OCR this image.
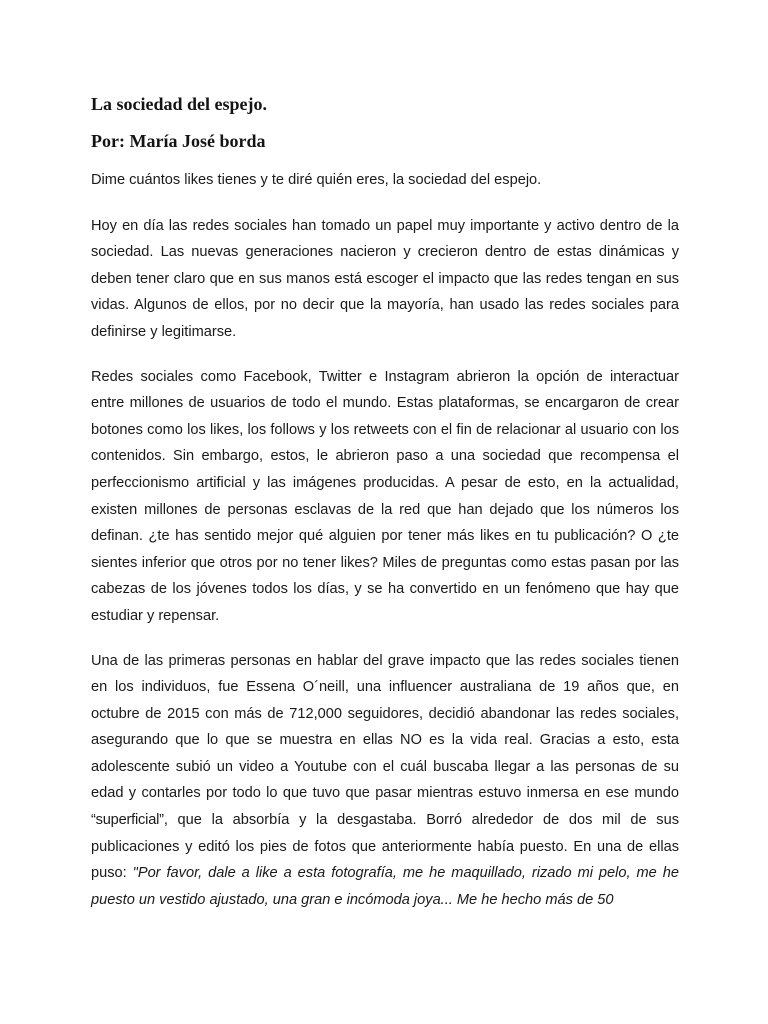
La sociedad del espejo.
Por: María José borda

Dime cuántos likes tienes y te diré quién eres, la sociedad del espejo.

Hoy en día las redes sociales han tomado un papel muy importante y activo dentro de la sociedad. Las nuevas generaciones nacieron y crecieron dentro de estas dinámicas y deben tener claro que en sus manos está escoger el impacto que las redes tengan en sus vidas. Algunos de ellos, por no decir que la mayoría, han usado las redes sociales para definirse y legitimarse.

Redes sociales como Facebook, Twitter e Instagram abrieron la opción de interactuar entre millones de usuarios de todo el mundo. Estas plataformas, se encargaron de crear botones como los likes, los follows y los retweets con el fin de relacionar al usuario con los contenidos. Sin embargo, estos, le abrieron paso a una sociedad que recompensa el perfeccionismo artificial y las imágenes producidas. A pesar de esto, en la actualidad, existen millones de personas esclavas de la red que han dejado que los números los definan. ¿te has sentido mejor qué alguien por tener más likes en tu publicación? O ¿te sientes inferior que otros por no tener likes? Miles de preguntas como estas pasan por las cabezas de los jóvenes todos los días, y se ha convertido en un fenómeno que hay que estudiar y repensar.

Una de las primeras personas en hablar del grave impacto que las redes sociales tienen en los individuos, fue Essena O´neill, una influencer australiana de 19 años que, en octubre de 2015 con más de 712,000 seguidores, decidió abandonar las redes sociales, asegurando que lo que se muestra en ellas NO es la vida real. Gracias a esto, esta adolescente subió un video a Youtube con el cuál buscaba llegar a las personas de su edad y contarles por todo lo que tuvo que pasar mientras estuvo inmersa en ese mundo “superficial”, que la absorbía y la desgastaba. Borró alrededor de dos mil de sus publicaciones y editó los pies de fotos que anteriormente había puesto. En una de ellas puso: "Por favor, dale a like a esta fotografía, me he maquillado, rizado mi pelo, me he puesto un vestido ajustado, una gran e incómoda joya... Me he hecho más de 50
